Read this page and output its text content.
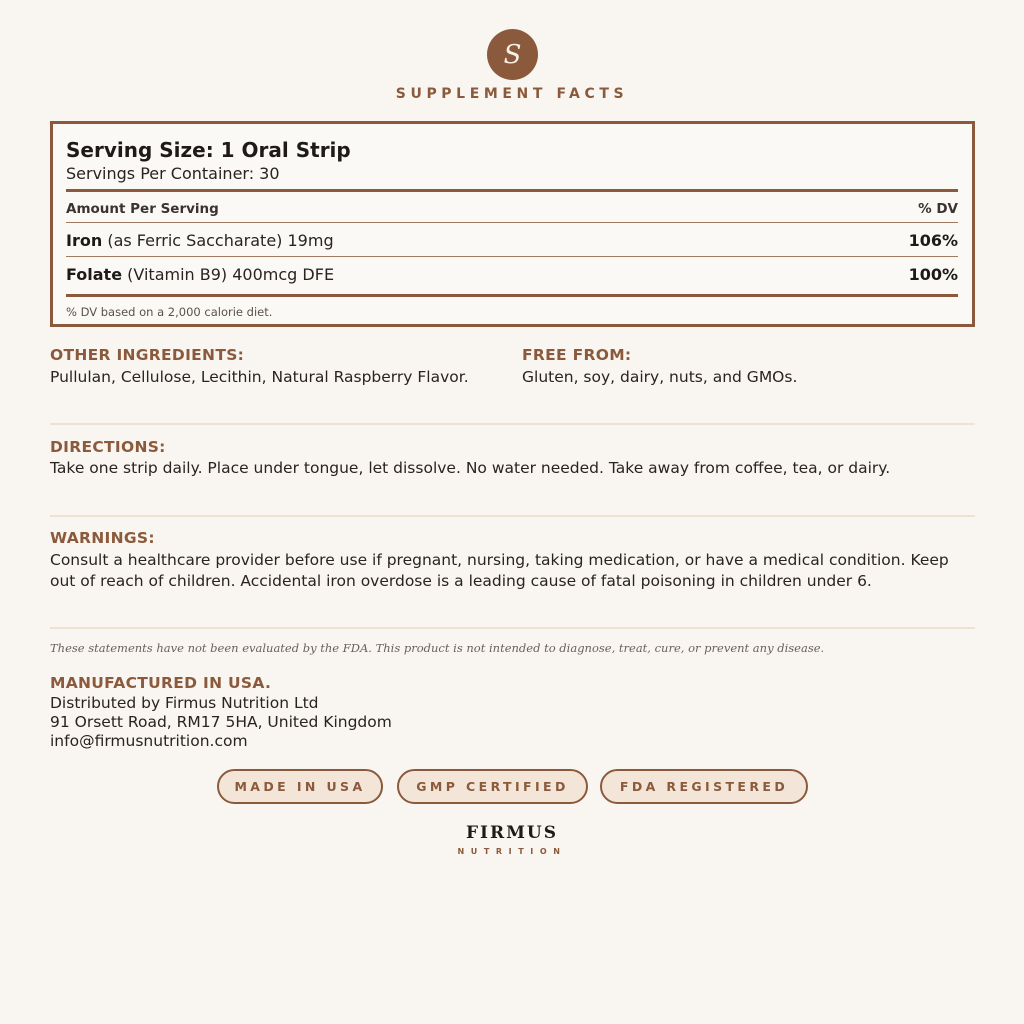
S
SUPPLEMENT FACTS
Serving Size: 1 Oral Strip
Servings Per Container: 30
Amount Per Serving	% DV
Iron (as Ferric Saccharate) 19mg	106%
Folate (Vitamin B9) 400mcg DFE	100%
% DV based on a 2,000 calorie diet.
OTHER INGREDIENTS:
Pullulan, Cellulose, Lecithin, Natural Raspberry Flavor.
FREE FROM:
Gluten, soy, dairy, nuts, and GMOs.
DIRECTIONS:
Take one strip daily. Place under tongue, let dissolve. No water needed. Take away from coffee, tea, or dairy.
WARNINGS:
Consult a healthcare provider before use if pregnant, nursing, taking medication, or have a medical condition. Keep out of reach of children. Accidental iron overdose is a leading cause of fatal poisoning in children under 6.
These statements have not been evaluated by the FDA. This product is not intended to diagnose, treat, cure, or prevent any disease.
MANUFACTURED IN USA.
Distributed by Firmus Nutrition Ltd
91 Orsett Road, RM17 5HA, United Kingdom
info@firmusnutrition.com
MADE IN USA	GMP CERTIFIED	FDA REGISTERED
FIRMUS
NUTRITION
